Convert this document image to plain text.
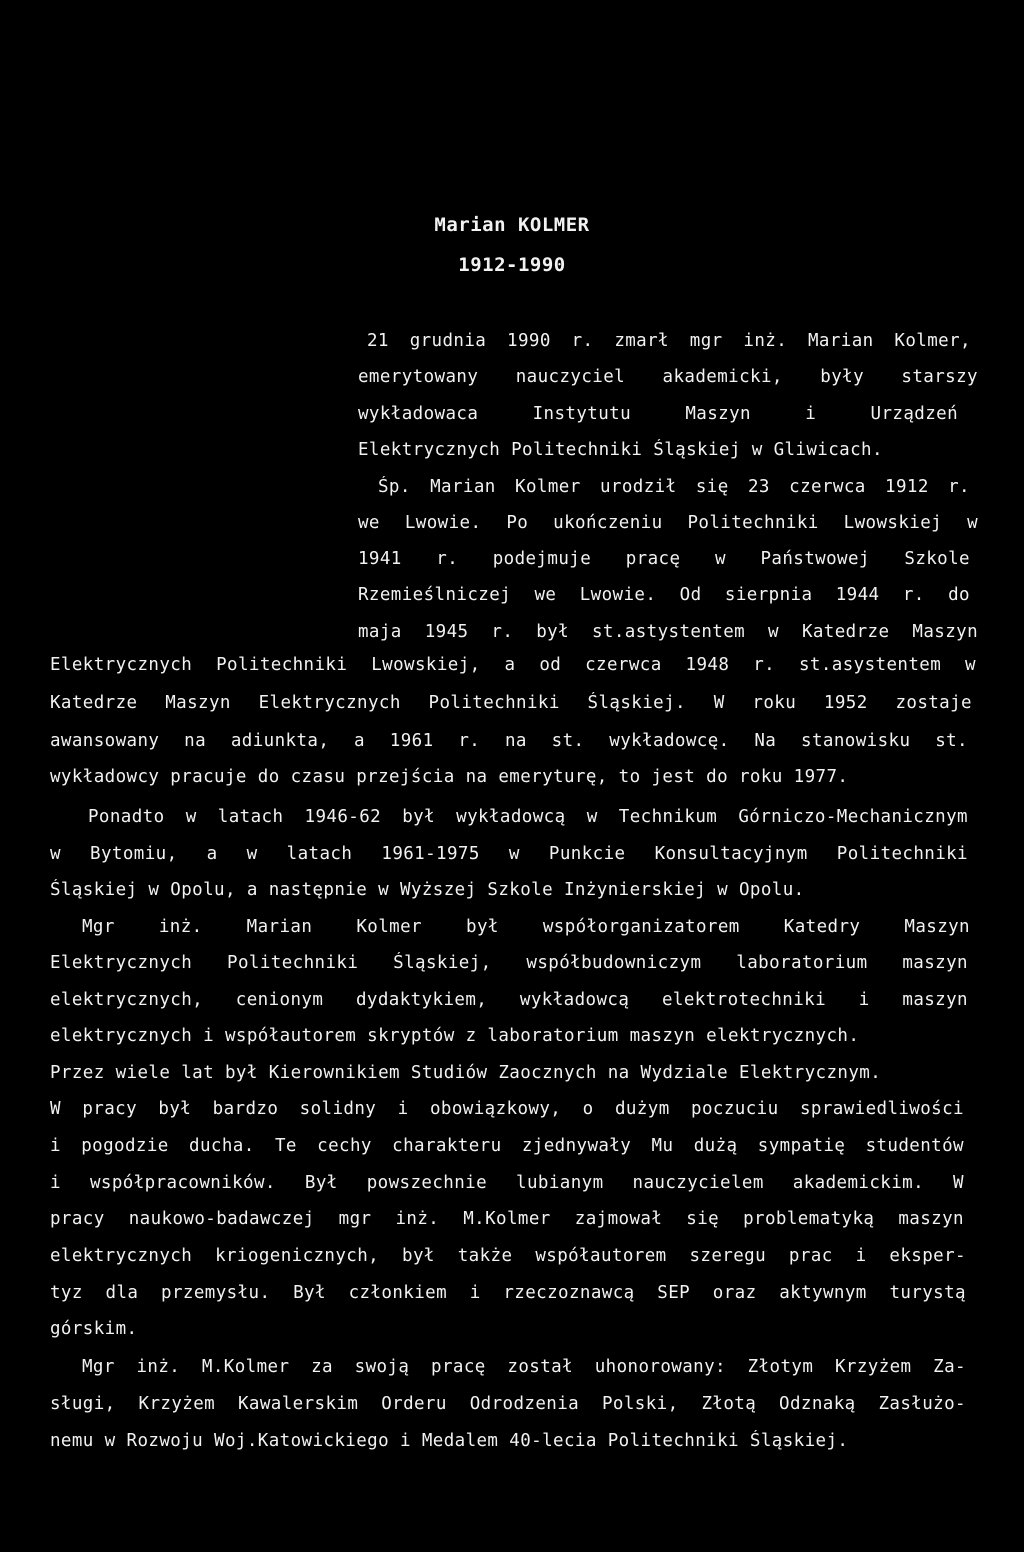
Marian KOLMER
1912-1990
21 grudnia 1990 r. zmarł mgr inż. Marian Kolmer,
emerytowany nauczyciel akademicki, były starszy
wykładowaca Instytutu Maszyn i Urządzeń
Elektrycznych Politechniki Śląskiej w Gliwicach.
Śp. Marian Kolmer urodził się 23 czerwca 1912 r.
we Lwowie. Po ukończeniu Politechniki Lwowskiej w
1941 r. podejmuje pracę w Państwowej Szkole
Rzemieślniczej we Lwowie. Od sierpnia 1944 r. do
maja 1945 r. był st.astystentem w Katedrze Maszyn
Elektrycznych Politechniki Lwowskiej, a od czerwca 1948 r. st.asystentem w
Katedrze Maszyn Elektrycznych Politechniki Śląskiej. W roku 1952 zostaje
awansowany na adiunkta, a 1961 r. na st. wykładowcę. Na stanowisku st.
wykładowcy pracuje do czasu przejścia na emeryturę, to jest do roku 1977.
Ponadto w latach 1946-62 był wykładowcą w Technikum Górniczo-Mechanicznym
w Bytomiu, a w latach 1961-1975 w Punkcie Konsultacyjnym Politechniki
Śląskiej w Opolu, a następnie w Wyższej Szkole Inżynierskiej w Opolu.
Mgr inż. Marian Kolmer był współorganizatorem Katedry Maszyn
Elektrycznych Politechniki Śląskiej, współbudowniczym laboratorium maszyn
elektrycznych, cenionym dydaktykiem, wykładowcą elektrotechniki i maszyn
elektrycznych i współautorem skryptów z laboratorium maszyn elektrycznych.
Przez wiele lat był Kierownikiem Studiów Zaocznych na Wydziale Elektrycznym.
W pracy był bardzo solidny i obowiązkowy, o dużym poczuciu sprawiedliwości
i pogodzie ducha. Te cechy charakteru zjednywały Mu dużą sympatię studentów
i współpracowników. Był powszechnie lubianym nauczycielem akademickim. W
pracy naukowo-badawczej mgr inż. M.Kolmer zajmował się problematyką maszyn
elektrycznych kriogenicznych, był także współautorem szeregu prac i eksper-
tyz dla przemysłu. Był członkiem i rzeczoznawcą SEP oraz aktywnym turystą
górskim.
Mgr inż. M.Kolmer za swoją pracę został uhonorowany: Złotym Krzyżem Za-
sługi, Krzyżem Kawalerskim Orderu Odrodzenia Polski, Złotą Odznaką Zasłużo-
nemu w Rozwoju Woj.Katowickiego i Medalem 40-lecia Politechniki Śląskiej.
